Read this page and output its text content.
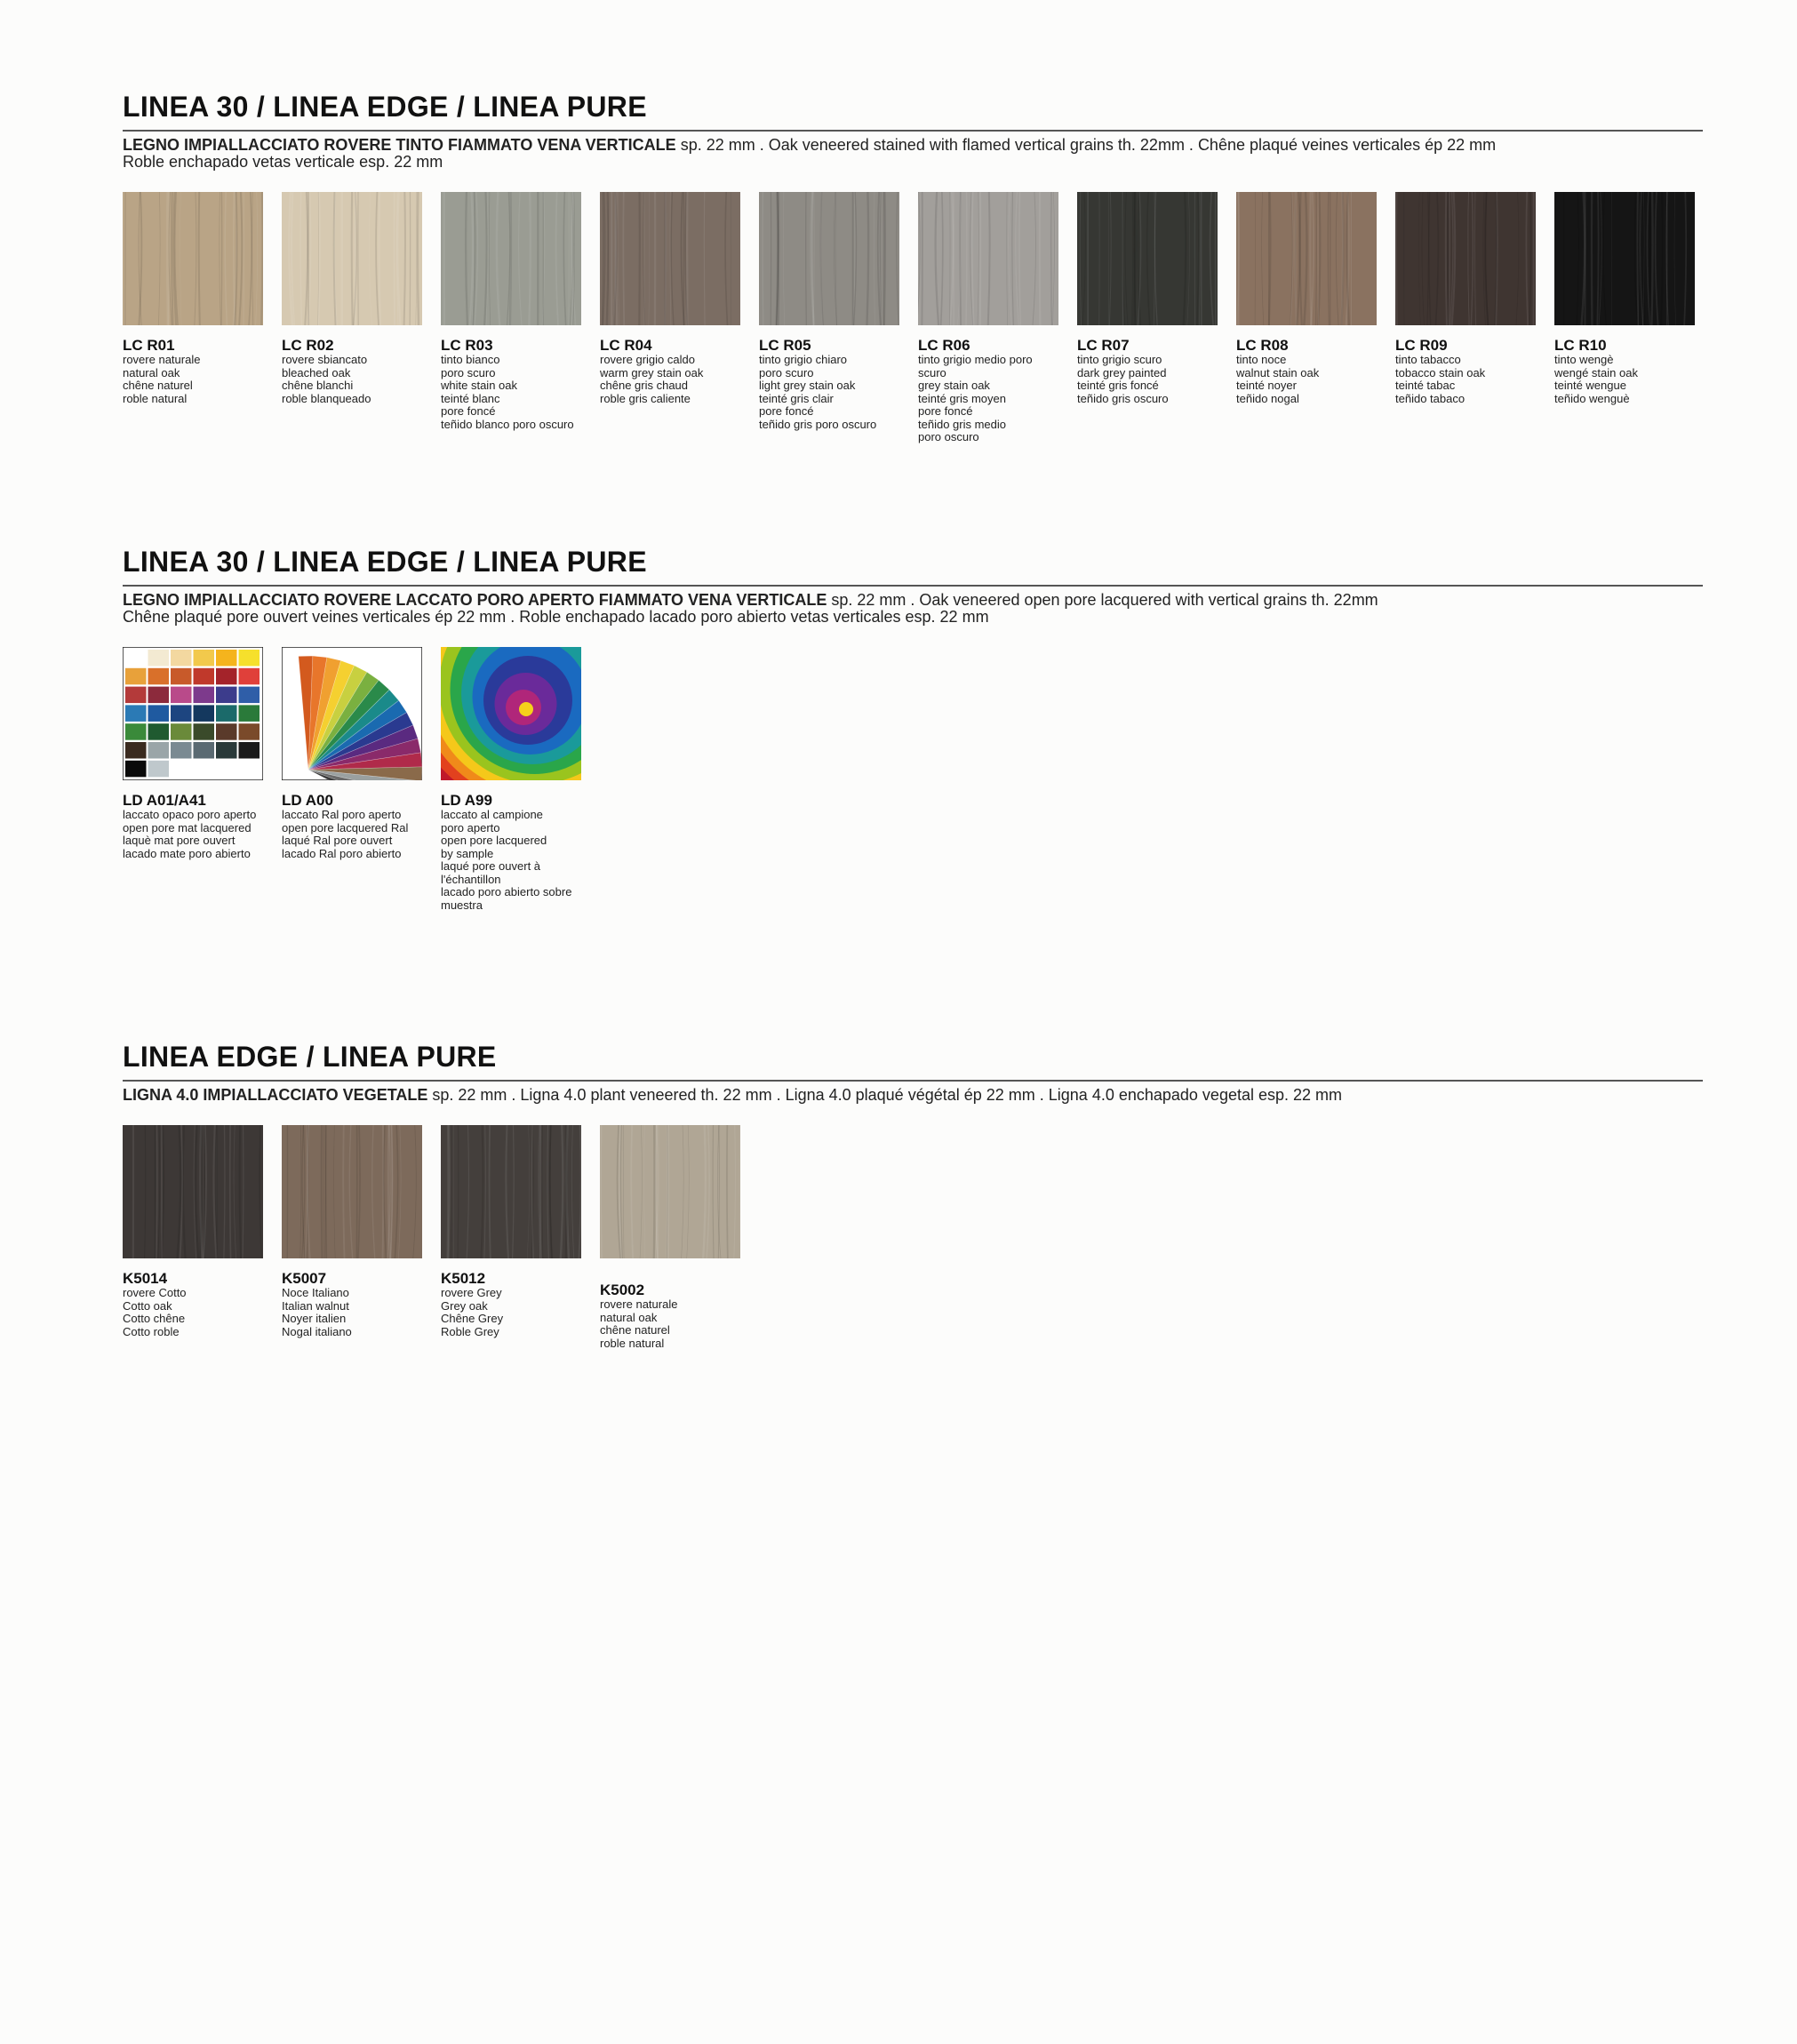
LINEA 30 / LINEA EDGE / LINEA PURE
LEGNO IMPIALLACCIATO ROVERE TINTO FIAMMATO VENA VERTICALE sp. 22 mm . Oak veneered stained with flamed vertical grains th. 22mm . Chêne plaqué veines verticales ép 22 mm
Roble enchapado vetas verticale esp. 22 mm
LC R01
rovere naturale
natural oak
chêne naturel
roble natural
LC R02
rovere sbiancato
bleached oak
chêne blanchi
roble blanqueado
LC R03
tinto bianco
poro scuro
white stain oak
teinté blanc
pore foncé
teñido blanco poro oscuro
LC R04
rovere grigio caldo
warm grey stain oak
chêne gris chaud
roble gris caliente
LC R05
tinto grigio chiaro
poro scuro
light grey stain oak
teinté gris clair
pore foncé
teñido gris poro oscuro
LC R06
tinto grigio medio poro
scuro
grey stain oak
teinté gris moyen
pore foncé
teñido gris medio
poro oscuro
LC R07
tinto grigio scuro
dark grey painted
teinté gris foncé
teñido gris oscuro
LC R08
tinto noce
walnut stain oak
teinté noyer
teñido nogal
LC R09
tinto tabacco
tobacco stain oak
teinté tabac
teñido tabaco
LC R10
tinto wengè
wengé stain oak
teinté wengue
teñido wenguè
LINEA 30 / LINEA EDGE / LINEA PURE
LEGNO IMPIALLACCIATO ROVERE LACCATO PORO APERTO FIAMMATO VENA VERTICALE sp. 22 mm . Oak veneered open pore lacquered with vertical grains th. 22mm
Chêne plaqué pore ouvert veines verticales ép 22 mm . Roble enchapado lacado poro abierto vetas verticales esp. 22 mm
LD A01/A41
laccato opaco poro aperto
open pore mat lacquered
laquè mat pore ouvert
lacado mate poro abierto
LD A00
laccato Ral poro aperto
open pore lacquered Ral
laqué Ral pore ouvert
lacado Ral poro abierto
LD A99
laccato al campione
poro aperto
open pore lacquered
by sample
laqué pore ouvert à
l'échantillon
lacado poro abierto sobre
muestra
LINEA EDGE / LINEA PURE
LIGNA 4.0 IMPIALLACCIATO VEGETALE sp. 22 mm . Ligna 4.0 plant veneered th. 22 mm . Ligna 4.0 plaqué végétal ép 22 mm . Ligna 4.0 enchapado vegetal esp. 22 mm
K5014
rovere Cotto
Cotto oak
Cotto chêne
Cotto roble
K5007
Noce Italiano
Italian walnut
Noyer italien
Nogal italiano
K5012
rovere Grey
Grey oak
Chêne Grey
Roble Grey
K5002
rovere naturale
natural oak
chêne naturel
roble natural
